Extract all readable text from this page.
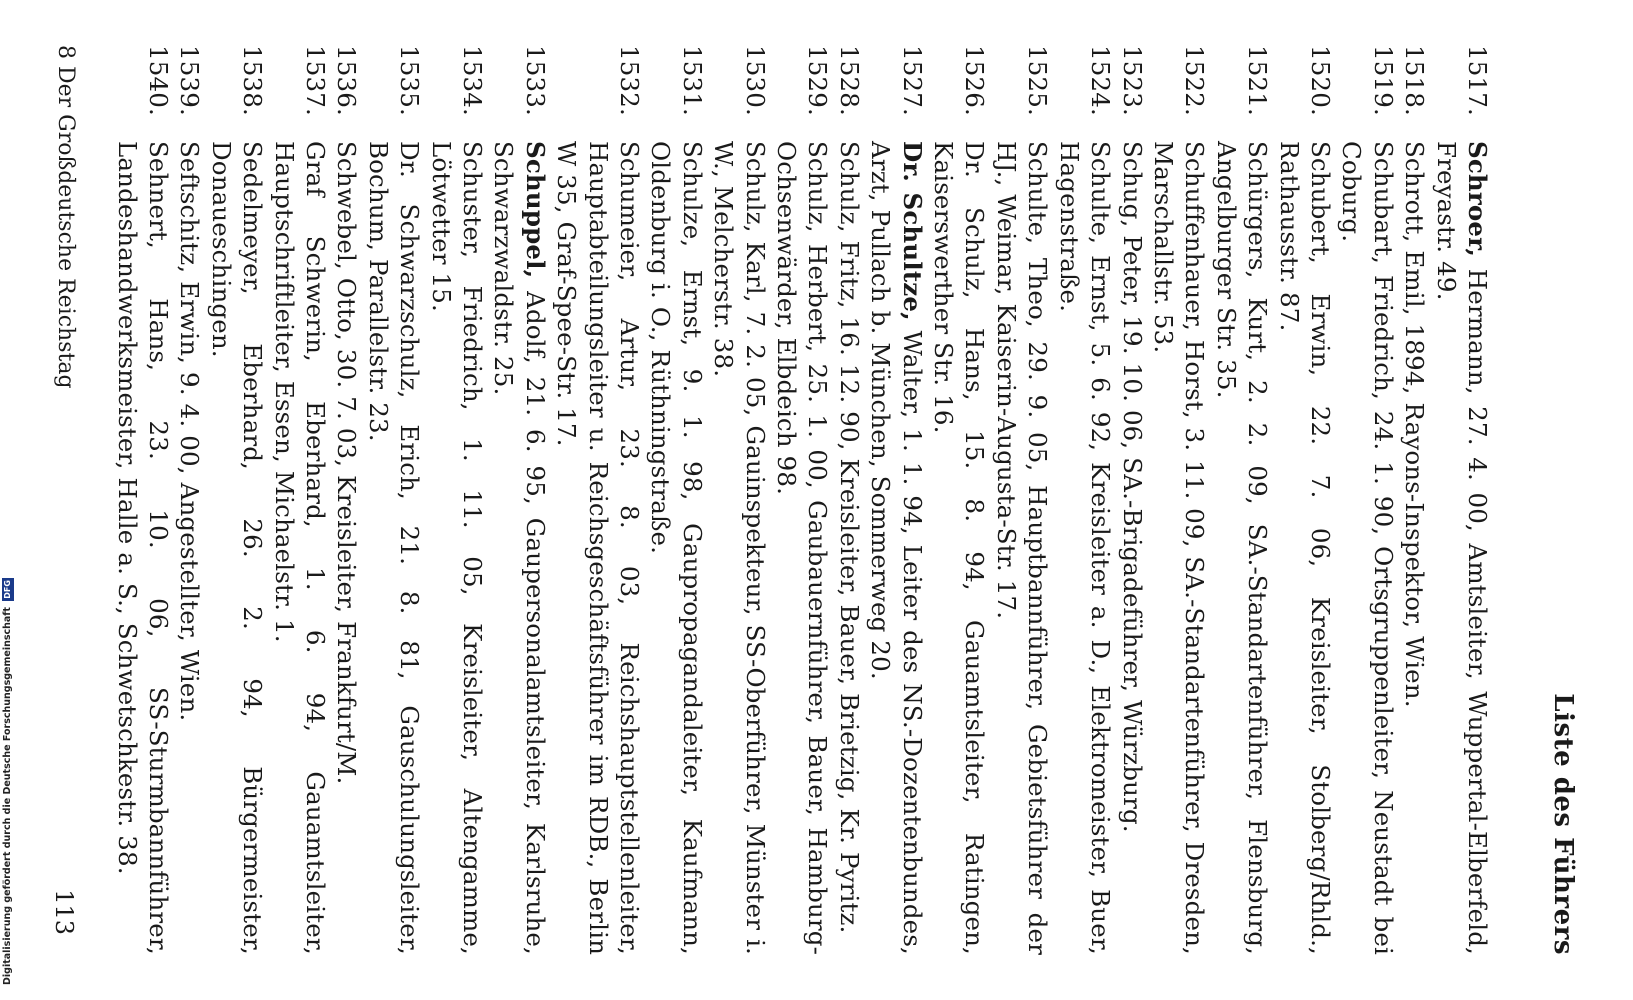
Liste des Führers
1517.
Schroer, Hermann, 27. 4. 00, Amtsleiter, Wuppertal-Elberfeld, Freyastr. 49.
1518.
Schrott, Emil, 1894, Rayons-Inspektor, Wien.
1519.
Schubart, Friedrich, 24. 1. 90, Ortsgruppenleiter, Neustadt bei Coburg.
1520.
Schubert, Erwin, 22. 7. 06, Kreisleiter, Stolberg/Rhld., Rathausstr. 87.
1521.
Schürgers, Kurt, 2. 2. 09, SA.-Standartenführer, Flensburg, Angelburger Str. 35.
1522.
Schuffenhauer, Horst, 3. 11. 09, SA.-Standartenführer, Dresden, Marschallstr. 53.
1523.
Schug, Peter, 19. 10. 06, SA.-Brigadeführer, Würzburg.
1524.
Schulte, Ernst, 5. 6. 92, Kreisleiter a. D., Elektromeister, Buer, Hagenstraße.
1525.
Schulte, Theo, 29. 9. 05, Hauptbannführer, Gebietsführer der HJ., Weimar, Kaiserin-Augusta-Str. 17.
1526.
Dr. Schulz, Hans, 15. 8. 94, Gauamtsleiter, Ratingen, Kaiserswerther Str. 16.
1527.
Dr. Schultze, Walter, 1. 1. 94, Leiter des NS.-Dozentenbundes, Arzt, Pullach b. München, Sommerweg 20.
1528.
Schulz, Fritz, 16. 12. 90, Kreisleiter, Bauer, Brietzig, Kr. Pyritz.
1529.
Schulz, Herbert, 25. 1. 00, Gaubauernführer, Bauer, Hamburg-Ochsenwärder, Elbdeich 98.
1530.
Schulz, Karl, 7. 2. 05, Gauinspekteur, SS-Oberführer, Münster i. W., Melcherstr. 38.
1531.
Schulze, Ernst, 9. 1. 98, Gaupropagandaleiter, Kaufmann, Oldenburg i. O., Rüthningstraße.
1532.
Schumeier, Artur, 23. 8. 03, Reichshauptstellenleiter, Hauptabteilungsleiter u. Reichsgeschäftsführer im RDB., Berlin W 35, Graf-Spee-Str. 17.
1533.
Schuppel, Adolf, 21. 6. 95, Gaupersonalamtsleiter, Karlsruhe, Schwarzwaldstr. 25.
1534.
Schuster, Friedrich, 1. 11. 05, Kreisleiter, Altengamme, Lötwetter 15.
1535.
Dr. Schwarzschulz, Erich, 21. 8. 81, Gauschulungsleiter, Bochum, Parallelstr. 23.
1536.
Schwebel, Otto, 30. 7. 03, Kreisleiter, Frankfurt/M.
1537.
Graf Schwerin, Eberhard, 1. 6. 94, Gauamtsleiter, Hauptschriftleiter, Essen, Michaelstr. 1.
1538.
Sedelmeyer, Eberhard, 26. 2. 94, Bürgermeister, Donaueschingen.
1539.
Seftschitz, Erwin, 9. 4. 00, Angestellter, Wien.
1540.
Sehnert, Hans, 23. 10. 06, SS-Sturmbannführer, Landeshandwerksmeister, Halle a. S., Schwetschkestr. 38.
8 Der Großdeutsche Reichstag
113
Digitalisierung gefördert durch die Deutsche Forschungsgemeinschaft DFG
